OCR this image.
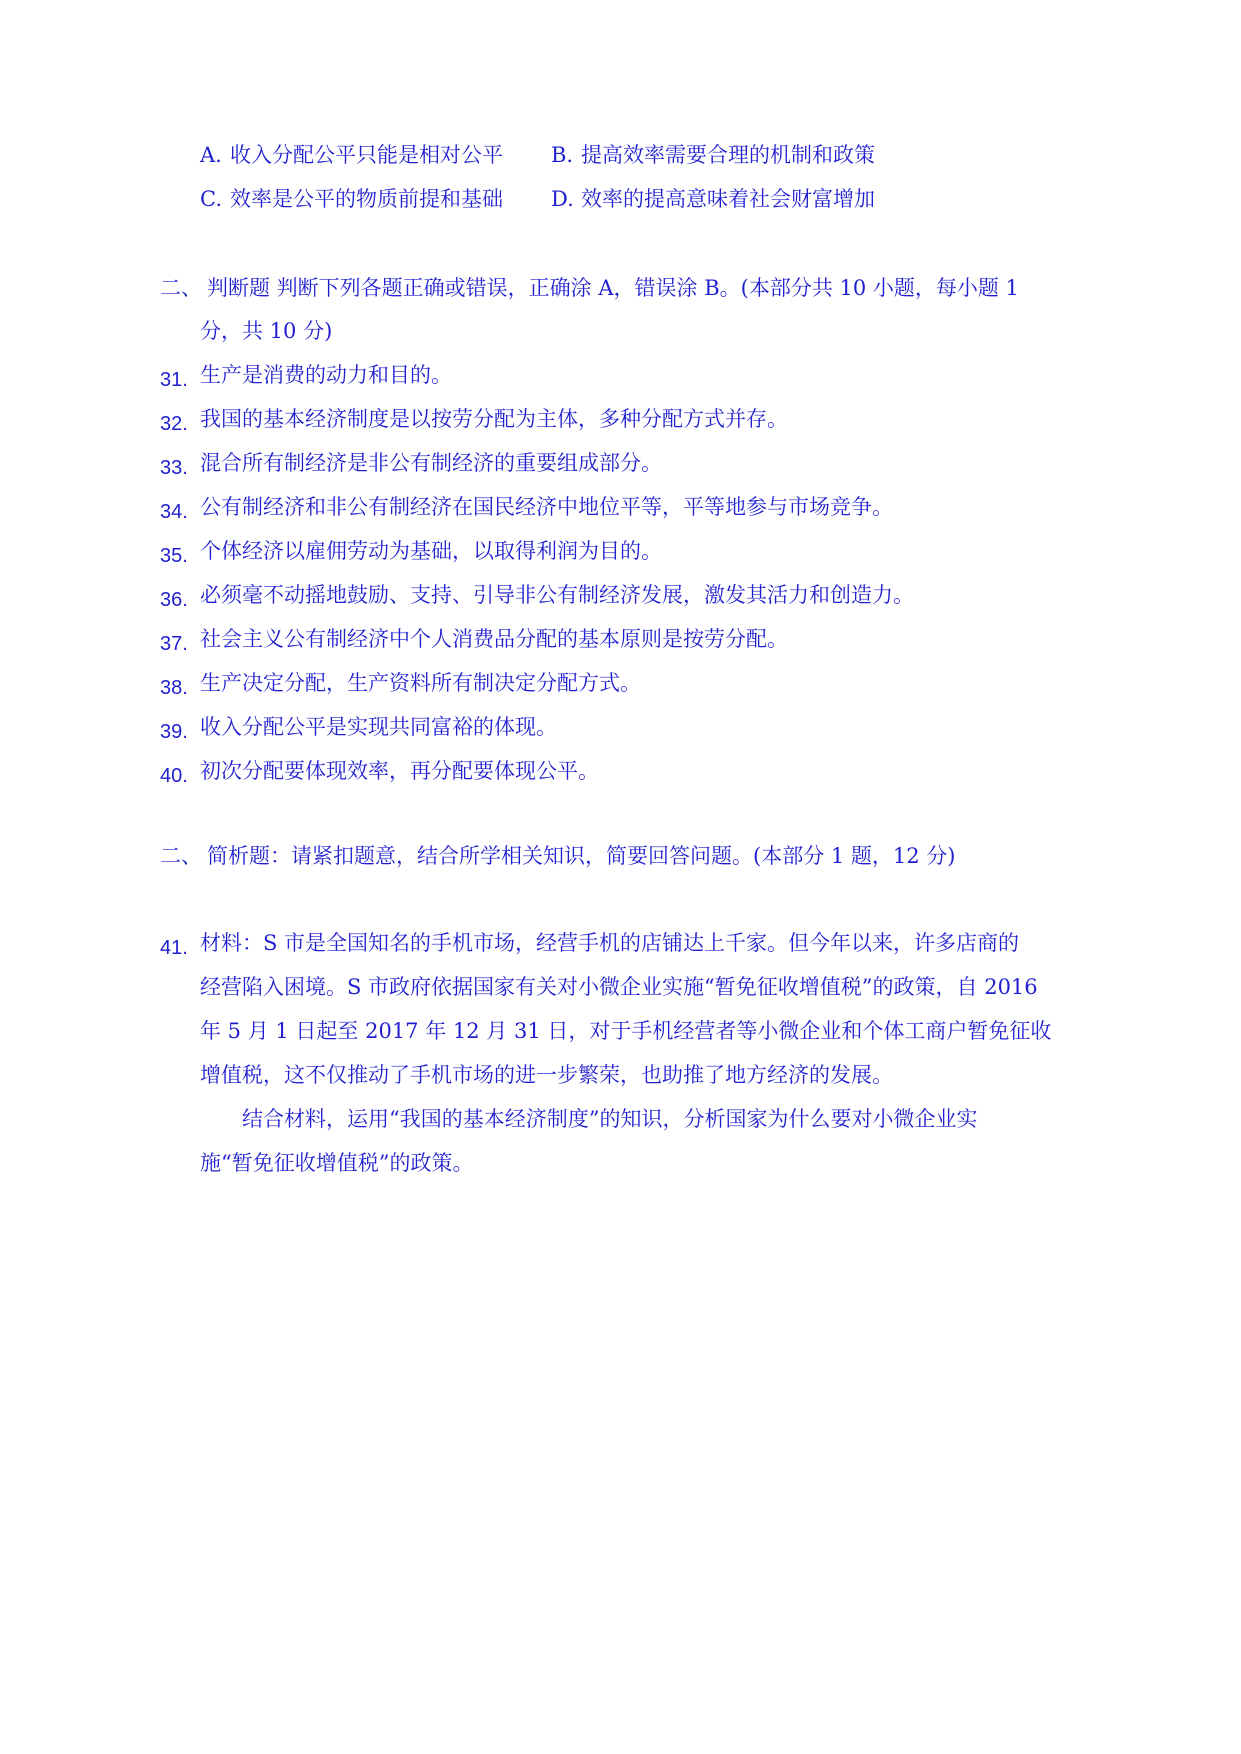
A. 收入分配公平只能是相对公平 B. 提高效率需要合理的机制和政策
C. 效率是公平的物质前提和基础 D. 效率的提高意味着社会财富增加
二、 判断题 判断下列各题正确或错误，正确涂 A，错误涂 B。(本部分共 10 小题，每小题 1
分，共 10 分)
31. 生产是消费的动力和目的。
32. 我国的基本经济制度是以按劳分配为主体，多种分配方式并存。
33. 混合所有制经济是非公有制经济的重要组成部分。
34. 公有制经济和非公有制经济在国民经济中地位平等，平等地参与市场竞争。
35. 个体经济以雇佣劳动为基础，以取得利润为目的。
36. 必须毫不动摇地鼓励、支持、引导非公有制经济发展，激发其活力和创造力。
37. 社会主义公有制经济中个人消费品分配的基本原则是按劳分配。
38. 生产决定分配，生产资料所有制决定分配方式。
39. 收入分配公平是实现共同富裕的体现。
40. 初次分配要体现效率，再分配要体现公平。
二、 简析题：请紧扣题意，结合所学相关知识，简要回答问题。(本部分 1 题，12 分)
41. 材料：S 市是全国知名的手机市场，经营手机的店铺达上千家。但今年以来，许多店商的
经营陷入困境。S 市政府依据国家有关对小微企业实施“暂免征收增值税”的政策，自 2016
年 5 月 1 日起至 2017 年 12 月 31 日，对于手机经营者等小微企业和个体工商户暂免征收
增值税，这不仅推动了手机市场的进一步繁荣，也助推了地方经济的发展。
结合材料，运用“我国的基本经济制度”的知识，分析国家为什么要对小微企业实
施“暂免征收增值税”的政策。
